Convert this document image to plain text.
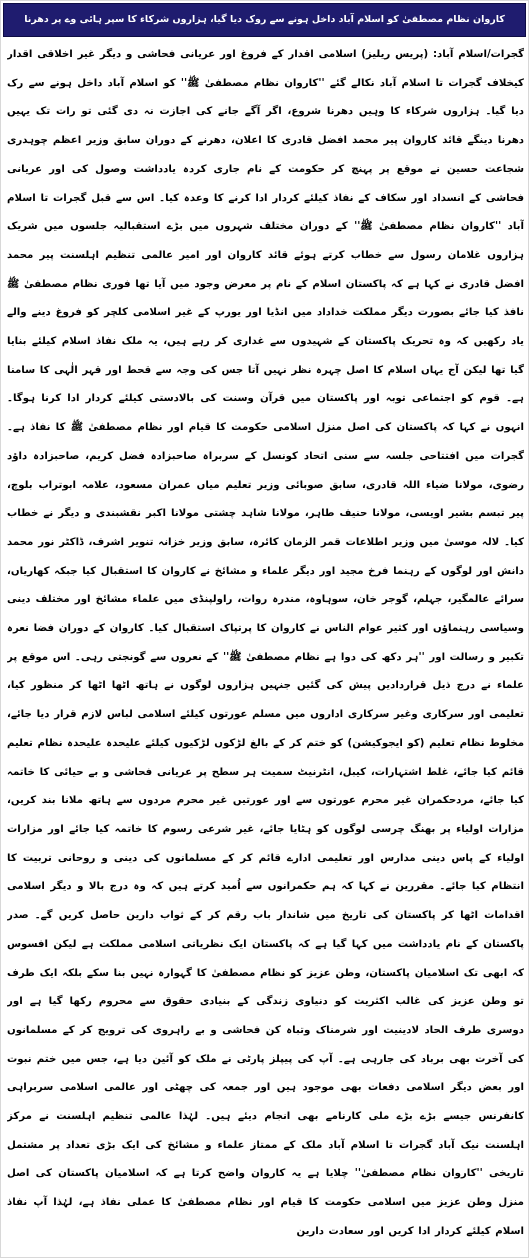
کاروان نظام مصطفیٰ کو اسلام آباد داخل ہونے سے روک دیا گیا، ہزاروں شرکاء کا سپر ہائی وے پر دھرنا

گجرات/اسلام آباد: (پریس ریلیز) اسلامی اقدار کے فروغ اور عریانی فحاشی و دیگر غیر اخلاقی اقدار کیخلاف گجرات تا اسلام آباد نکالے گئے ''کاروان نظام مصطفیٰ ﷺ'' کو اسلام آباد داخل ہونے سے رک دیا گیا۔ ہزاروں شرکاء کا وہیں دھرنا شروع، اگر آگے جانے کی اجازت نہ دی گئی تو رات تک یہیں دھرنا دینگے قائد کاروان پیر محمد افضل قادری کا اعلان، دھرنے کے دوران سابق وزیر اعظم چوہدری شجاعت حسین نے موقع پر پہنچ کر حکومت کے نام جاری کردہ یادداشت وصول کی اور عریانی فحاشی کے انسداد اور سکاف کے نفاذ کیلئے کردار ادا کرنے کا وعدہ کیا۔ اس سے قبل گجرات تا اسلام آباد ''کاروان نظام مصطفیٰ ﷺ'' کے دوران مختلف شہروں میں بڑے استقبالیہ جلسوں میں شریک ہزاروں غلامان رسول سے خطاب کرتے ہوئے قائد کاروان اور امیر عالمی تنظیم اہلسنت پیر محمد افضل قادری نے کہا ہے کہ پاکستان اسلام کے نام پر معرض وجود میں آیا تھا فوری نظام مصطفیٰ ﷺ نافذ کیا جائے بصورت دیگر مملکت خداداد میں انڈیا اور یورپ کے غیر اسلامی کلچر کو فروغ دینے والے یاد رکھیں کہ وہ تحریک پاکستان کے شہیدوں سے غداری کر رہے ہیں، یہ ملک نفاذ اسلام کیلئے بنایا گیا تھا لیکن آج یہاں اسلام کا اصل چہرہ نظر نہیں آتا جس کی وجہ سے قحط اور قہر الٰہی کا سامنا ہے۔ قوم کو اجتماعی توبہ اور پاکستان میں قرآن وسنت کی بالادستی کیلئے کردار ادا کرنا ہوگا۔ انہوں نے کہا کہ پاکستان کی اصل منزل اسلامی حکومت کا قیام اور نظام مصطفیٰ ﷺ کا نفاذ ہے۔ گجرات میں افتتاحی جلسہ سے سنی اتحاد کونسل کے سربراہ صاحبزادہ فضل کریم، صاحبزادہ داؤد رضوی، مولانا ضیاء اللہ قادری، سابق صوبائی وزیر تعلیم میاں عمران مسعود، علامہ ابوتراب بلوچ، پیر تبسم بشیر اویسی، مولانا حنیف طاہر، مولانا شاہد چشتی مولانا اکبر نقشبندی و دیگر نے خطاب کیا۔ لالہ موسیٰ میں وزیر اطلاعات قمر الزمان کائرہ، سابق وزیر خزانہ تنویر اشرف، ڈاکٹر نور محمد دانش اور لوگوں کے رہنما فرخ مجید اور دیگر علماء و مشائخ نے کاروان کا استقبال کیا جبکہ کھاریاں، سرائے عالمگیر، جہلم، گوجر خان، سوہاوہ، مندرہ روات، راولپنڈی میں علماء مشائخ اور مختلف دینی وسیاسی رہنماؤں اور کثیر عوام الناس نے کاروان کا پرتپاک استقبال کیا۔ کاروان کے دوران فضا نعرہ تکبیر و رسالت اور ''ہر دکھ کی دوا ہے نظام مصطفیٰ ﷺ'' کے نعروں سے گونجتی رہی۔ اس موقع پر علماء نے درج ذیل قراردادیں پیش کی گئیں جنہیں ہزاروں لوگوں نے ہاتھ اٹھا اٹھا کر منظور کیا، تعلیمی اور سرکاری وغیر سرکاری اداروں میں مسلم عورتوں کیلئے اسلامی لباس لازم قرار دیا جائے، مخلوط نظام تعلیم (کو ایجوکیشن) کو ختم کر کے بالغ لڑکوں لڑکیوں کیلئے علیحدہ علیحدہ نظام تعلیم قائم کیا جائے، غلط اشتہارات، کیبل، انٹرنیٹ سمیت ہر سطح پر عریانی فحاشی و بے حیائی کا خاتمہ کیا جائے، مردحکمران غیر محرم عورتوں سے اور عورتیں غیر محرم مردوں سے ہاتھ ملانا بند کریں، مزارات اولیاء پر بھنگ چرسی لوگوں کو ہٹایا جائے، غیر شرعی رسوم کا خاتمہ کیا جائے اور مزارات اولیاء کے پاس دینی مدارس اور تعلیمی ادارے قائم کر کے مسلمانوں کی دینی و روحانی تربیت کا انتظام کیا جائے۔ مقررین نے کہا کہ ہم حکمرانوں سے اُمید کرتے ہیں کہ وہ درج بالا و دیگر اسلامی اقدامات اٹھا کر پاکستان کی تاریخ میں شاندار باب رقم کر کے ثواب دارین حاصل کریں گے۔ صدر پاکستان کے نام یادداشت میں کہا گیا ہے کہ پاکستان ایک نظریاتی اسلامی مملکت ہے لیکن افسوس کہ ابھی تک اسلامیان پاکستان، وطن عزیز کو نظام مصطفیٰ کا گہوارہ نہیں بنا سکے بلکہ ایک طرف تو وطن عزیز کی غالب اکثریت کو دنیاوی زندگی کے بنیادی حقوق سے محروم رکھا گیا ہے اور دوسری طرف الحاد لادینیت اور شرمناک وتباہ کن فحاشی و بے راہروی کی ترویج کر کے مسلمانوں کی آخرت بھی برباد کی جارہی ہے۔ آپ کی پیپلز پارٹی نے ملک کو آئین دیا ہے، جس میں ختم نبوت اور بعض دیگر اسلامی دفعات بھی موجود ہیں اور جمعہ کی چھٹی اور عالمی اسلامی سربراہی کانفرنس جیسے بڑے بڑے ملی کارنامے بھی انجام دیئے ہیں۔ لہٰذا عالمی تنظیم اہلسنت نے مرکز اہلسنت نیک آباد گجرات تا اسلام آباد ملک کے ممتاز علماء و مشائخ کی ایک بڑی تعداد پر مشتمل تاریخی ''کاروان نظام مصطفیٰ'' چلایا ہے یہ کاروان واضح کرتا ہے کہ اسلامیان پاکستان کی اصل منزل وطن عزیز میں اسلامی حکومت کا قیام اور نظام مصطفیٰ کا عملی نفاذ ہے، لہٰذا آپ نفاذ اسلام کیلئے کردار ادا کریں اور سعادت دارین
